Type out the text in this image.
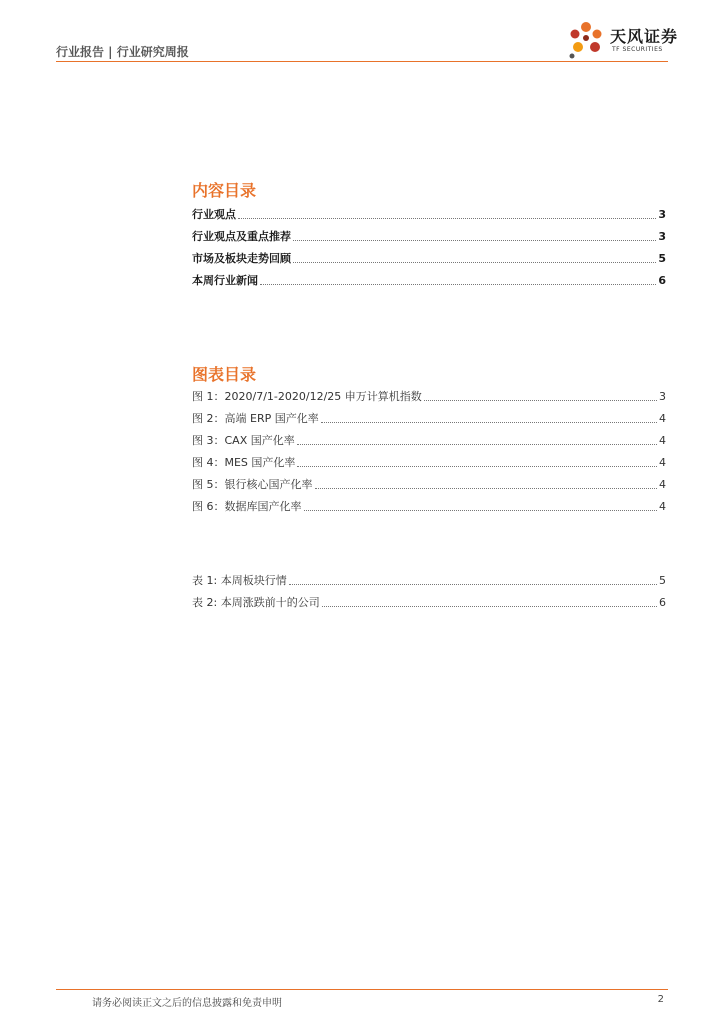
行业报告 | 行业研究周报
天风证券
TF SECURITIES
内容目录
行业观点	3
行业观点及重点推荐	3
市场及板块走势回顾	5
本周行业新闻	6
图表目录
图 1：2020/7/1-2020/12/25 申万计算机指数	3
图 2：高端 ERP 国产化率	4
图 3：CAX 国产化率	4
图 4：MES 国产化率	4
图 5：银行核心国产化率	4
图 6：数据库国产化率	4
表 1: 本周板块行情	5
表 2: 本周涨跌前十的公司	6
请务必阅读正文之后的信息披露和免责申明	2
